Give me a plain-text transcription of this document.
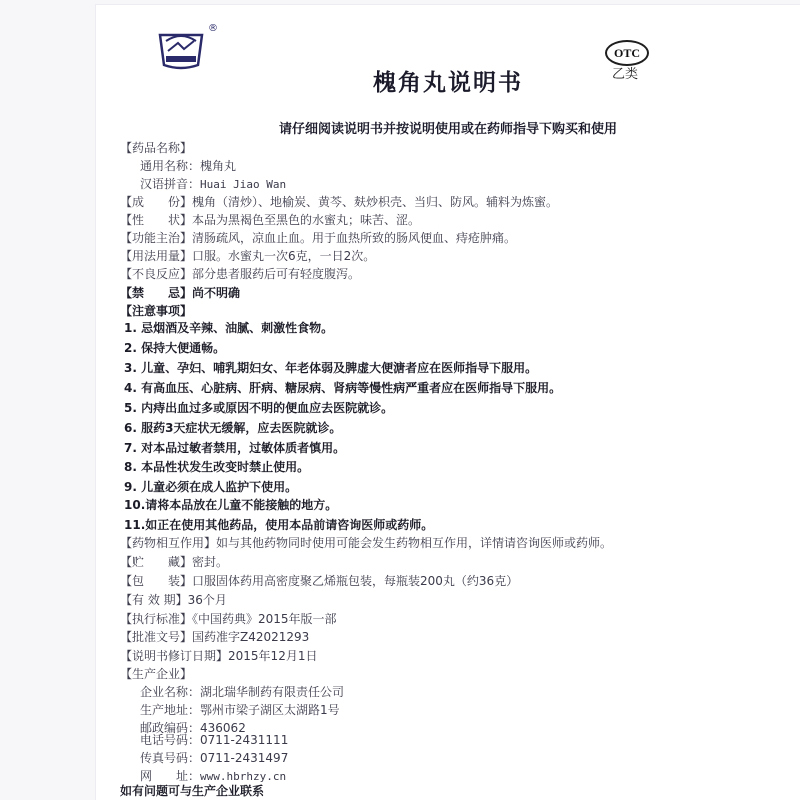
®
OTC
乙类
槐角丸说明书
请仔细阅读说明书并按说明使用或在药师指导下购买和使用
【药品名称】
通用名称：槐角丸
汉语拼音：Huai Jiao Wan
【成　　份】槐角（清炒）、地榆炭、黄芩、麸炒枳壳、当归、防风。辅料为炼蜜。
【性　　状】本品为黑褐色至黑色的水蜜丸；味苦、涩。
【功能主治】清肠疏风，凉血止血。用于血热所致的肠风便血、痔疮肿痛。
【用法用量】口服。水蜜丸一次6克，一日2次。
【不良反应】部分患者服药后可有轻度腹泻。
【禁　　忌】尚不明确
【注意事项】
1. 忌烟酒及辛辣、油腻、刺激性食物。
2. 保持大便通畅。
3. 儿童、孕妇、哺乳期妇女、年老体弱及脾虚大便溏者应在医师指导下服用。
4. 有高血压、心脏病、肝病、糖尿病、肾病等慢性病严重者应在医师指导下服用。
5. 内痔出血过多或原因不明的便血应去医院就诊。
6. 服药3天症状无缓解，应去医院就诊。
7. 对本品过敏者禁用，过敏体质者慎用。
8. 本品性状发生改变时禁止使用。
9. 儿童必须在成人监护下使用。
10.请将本品放在儿童不能接触的地方。
11.如正在使用其他药品，使用本品前请咨询医师或药师。
【药物相互作用】如与其他药物同时使用可能会发生药物相互作用，详情请咨询医师或药师。
【贮　　藏】密封。
【包　　装】口服固体药用高密度聚乙烯瓶包装，每瓶装200丸（约36克）
【有 效 期】36个月
【执行标准】《中国药典》2015年版一部
【批准文号】国药准字Z42021293
【说明书修订日期】2015年12月1日
【生产企业】
企业名称：湖北瑞华制药有限责任公司
生产地址：鄂州市梁子湖区太湖路1号
邮政编码：436062
电话号码：0711-2431111
传真号码：0711-2431497
网　　址：www.hbrhzy.cn
如有问题可与生产企业联系
